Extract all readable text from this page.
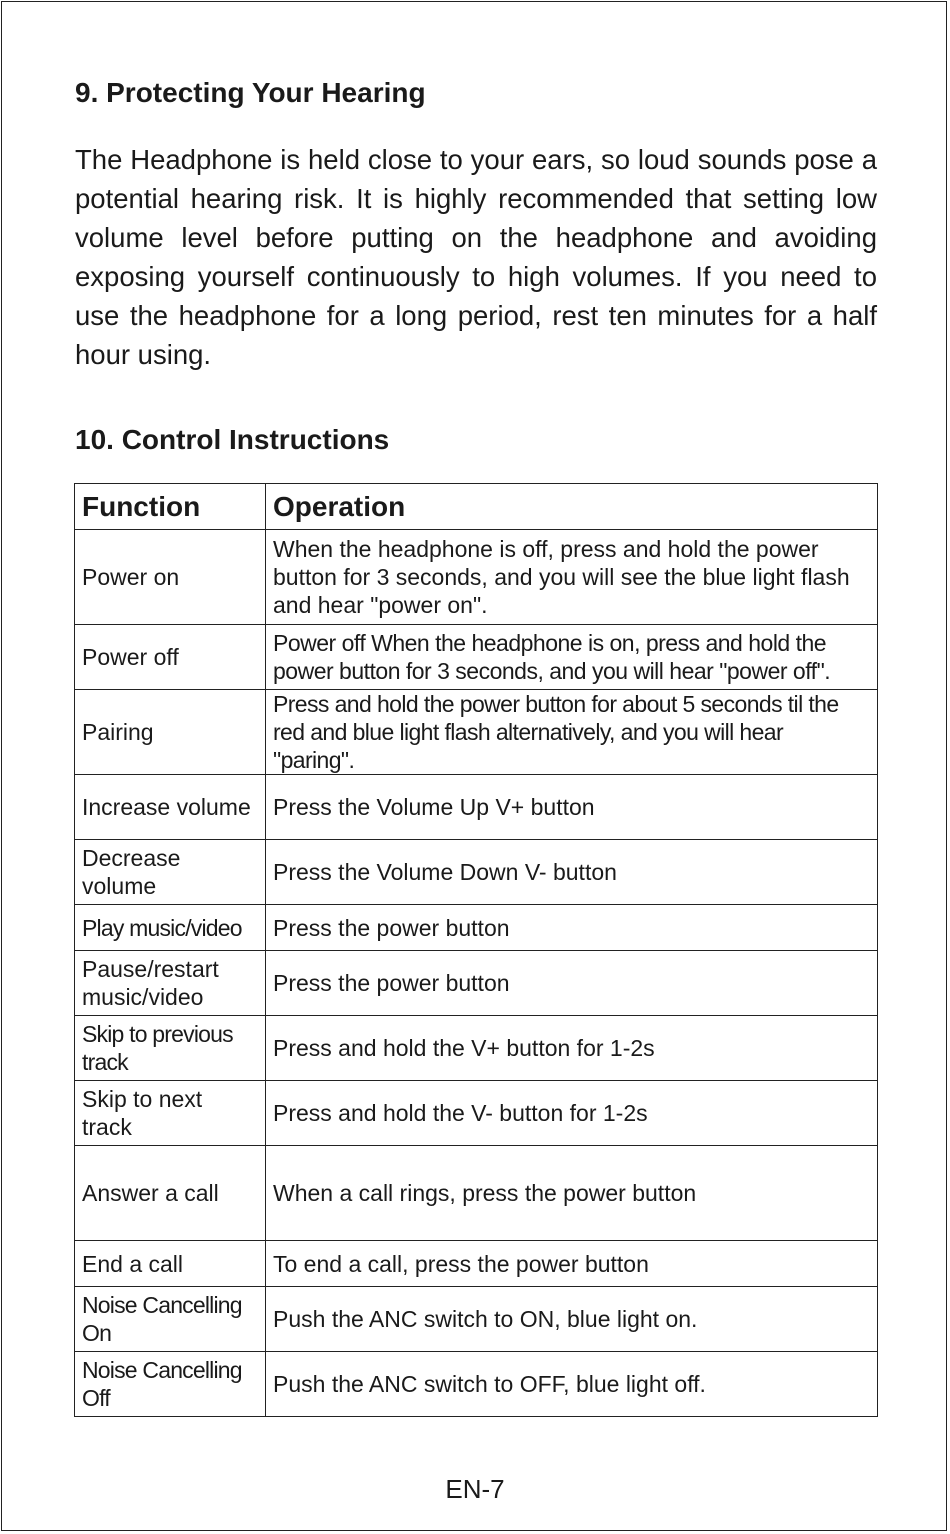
9. Protecting Your Hearing

The Headphone is held close to your ears, so loud sounds pose a potential hearing risk. It is highly recommended that setting low volume level before putting on the headphone and avoiding exposing yourself continuously to high volumes. If you need to use the headphone for a long period, rest ten minutes for a half hour using.

10. Control Instructions
Function	Operation
Power on	When the headphone is off, press and hold the power button for 3 seconds, and you will see the blue light flash and hear "power on".
Power off	Power off When the headphone is on, press and hold the power button for 3 seconds, and you will hear "power off".
Pairing	Press and hold the power button for about 5 seconds til the red and blue light flash alternatively, and you will hear "paring".
Increase volume	Press the Volume Up V+ button
Decrease volume	Press the Volume Down V- button
Play music/video	Press the power button
Pause/restart music/video	Press the power button
Skip to previous track	Press and hold the V+ button for 1-2s
Skip to next track	Press and hold the V- button for 1-2s
Answer a call	When a call rings, press the power button
End a call	To end a call, press the power button
Noise Cancelling On	Push the ANC switch to ON, blue light on.
Noise Cancelling Off	Push the ANC switch to OFF, blue light off.
EN-7
